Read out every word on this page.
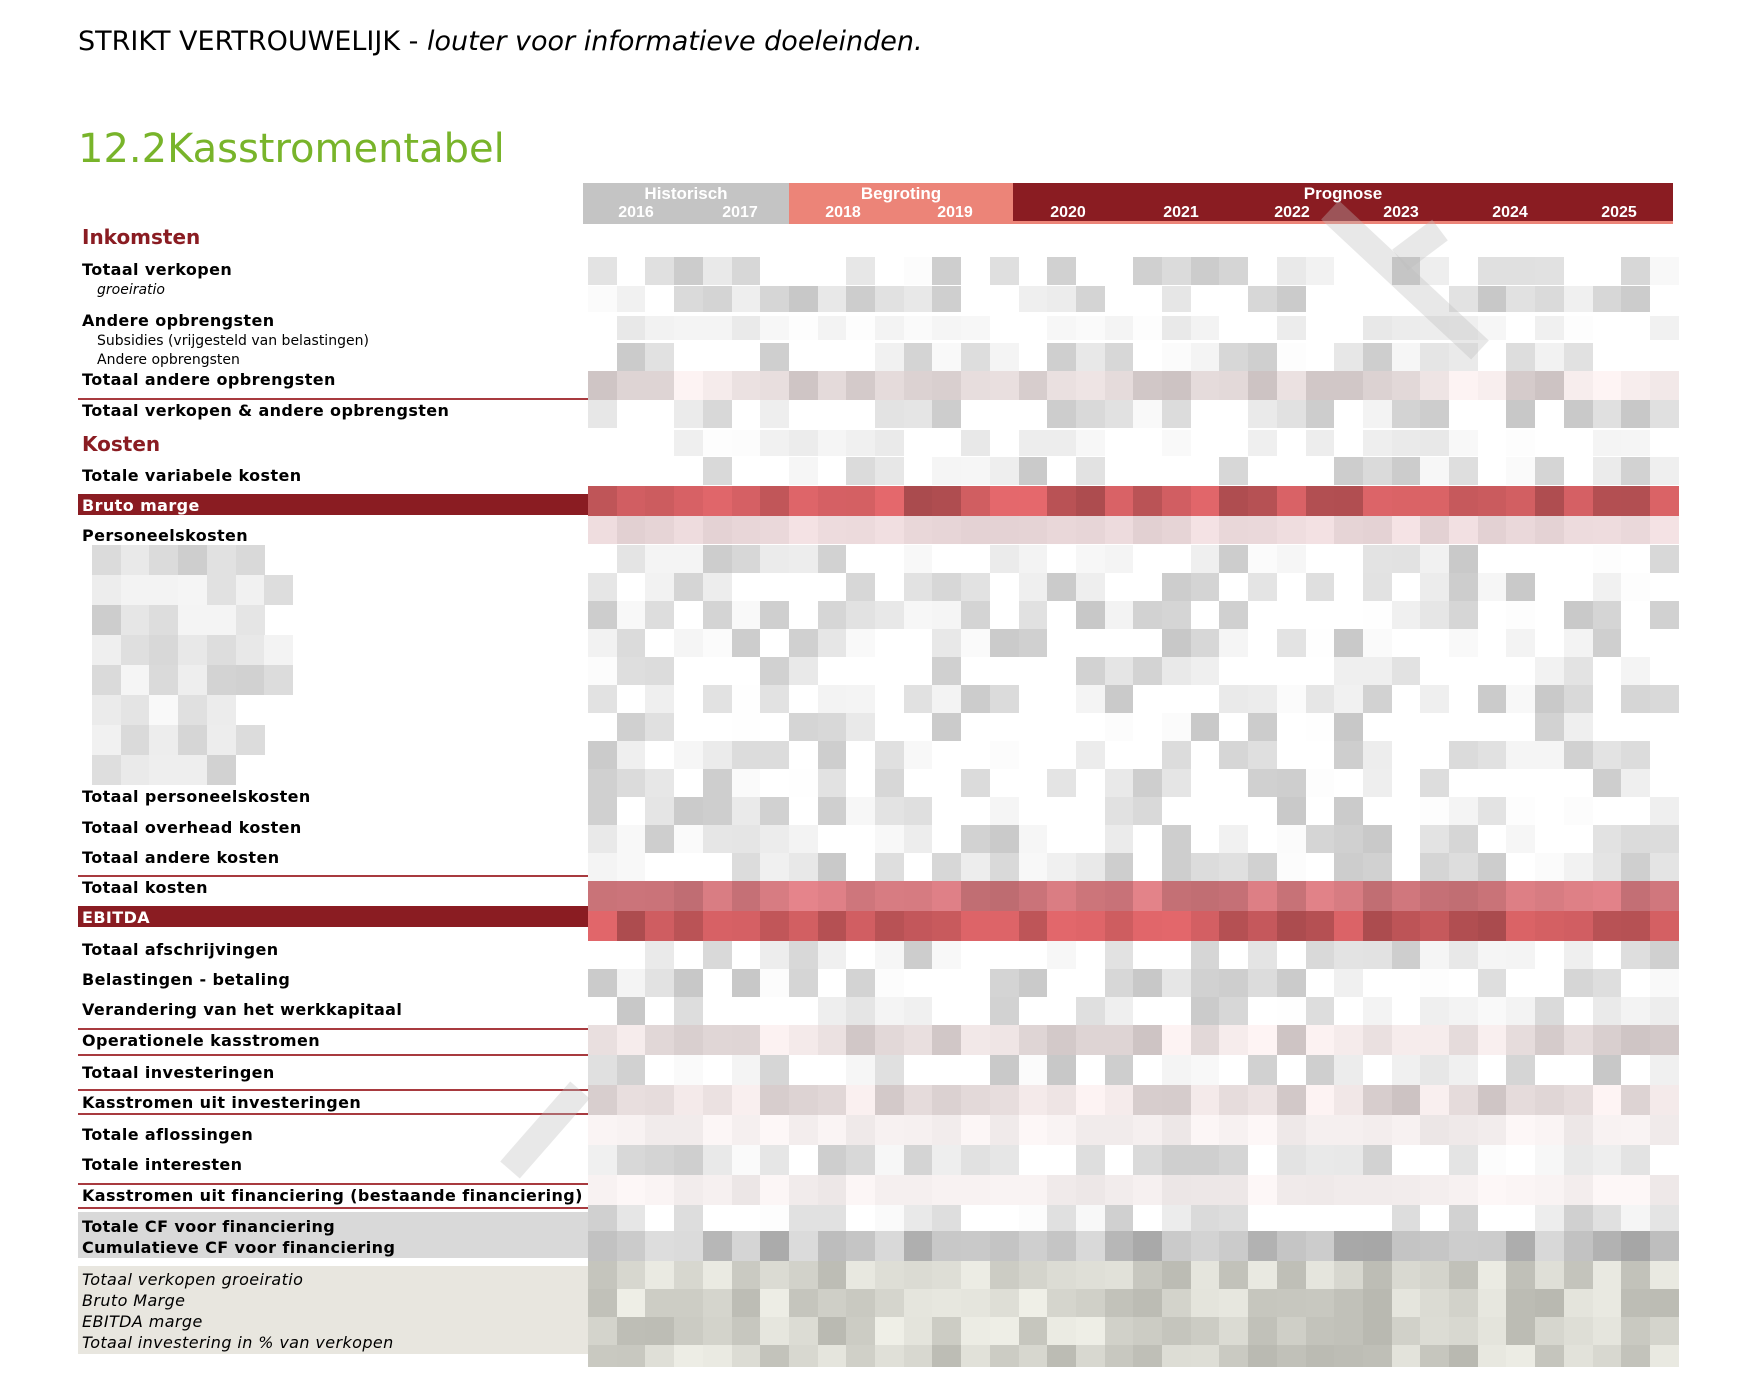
STRIKT VERTROUWELIJK - louter voor informatieve doeleinden.
12.2Kasstromentabel
Historisch	Begroting	Prognose
2016	2017	2018	2019	2020	2021	2022	2023	2024	2025
Inkomsten
Totaal verkopen
groeiratio
Andere opbrengsten
Subsidies (vrijgesteld van belastingen)
Andere opbrengsten
Totaal andere opbrengsten
Totaal verkopen & andere opbrengsten
Kosten
Totale variabele kosten
Bruto marge
Personeelskosten
Totaal personeelskosten
Totaal overhead kosten
Totaal andere kosten
Totaal kosten
EBITDA
Totaal afschrijvingen
Belastingen - betaling
Verandering van het werkkapitaal
Operationele kasstromen
Totaal investeringen
Kasstromen uit investeringen
Totale aflossingen
Totale interesten
Kasstromen uit financiering (bestaande financiering)
Totale CF voor financiering
Cumulatieve CF voor financiering
Totaal verkopen groeiratio
Bruto Marge
EBITDA marge
Totaal investering in % van verkopen
